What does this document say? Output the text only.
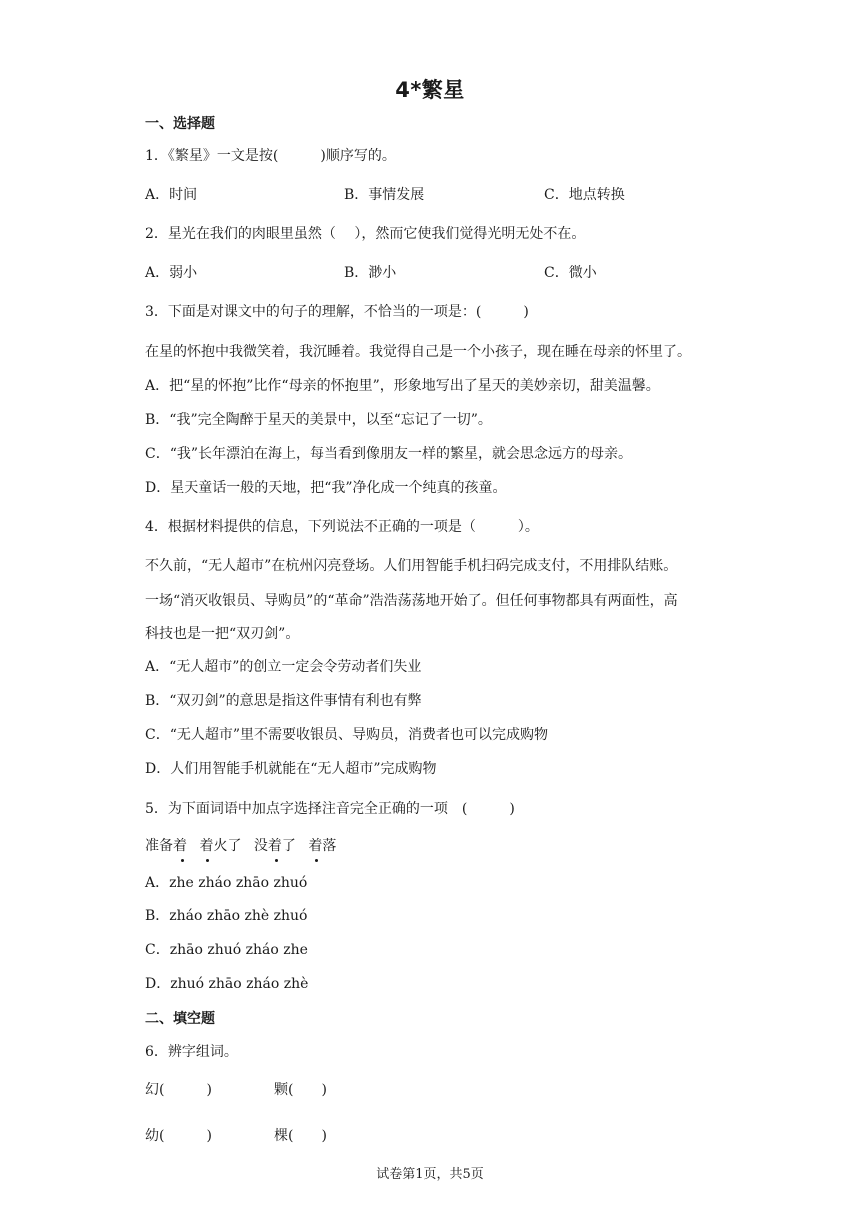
4*繁星
一、选择题
1．《繁星》一文是按(　　　)顺序写的。
A．时间	B．事情发展	C．地点转换
2．星光在我们的肉眼里虽然（　 ），然而它使我们觉得光明无处不在。
A．弱小	B．渺小	C．微小
3．下面是对课文中的句子的理解，不恰当的一项是：(　　　)
在星的怀抱中我微笑着，我沉睡着。我觉得自己是一个小孩子，现在睡在母亲的怀里了。
A．把“星的怀抱”比作“母亲的怀抱里”，形象地写出了星天的美妙亲切，甜美温馨。
B．“我”完全陶醉于星天的美景中，以至“忘记了一切”。
C．“我”长年漂泊在海上，每当看到像朋友一样的繁星，就会思念远方的母亲。
D．星天童话一般的天地，把“我”净化成一个纯真的孩童。
4．根据材料提供的信息，下列说法不正确的一项是（　　　）。
不久前，“无人超市”在杭州闪亮登场。人们用智能手机扫码完成支付，不用排队结账。
一场“消灭收银员、导购员”的“革命”浩浩荡荡地开始了。但任何事物都具有两面性，高
科技也是一把“双刃剑”。
A．“无人超市”的创立一定会令劳动者们失业
B．“双刃剑”的意思是指这件事情有利也有弊
C．“无人超市”里不需要收银员、导购员，消费者也可以完成购物
D．人们用智能手机就能在“无人超市”完成购物
5．为下面词语中加点字选择注音完全正确的一项　(　　　)
准备着 着火了 没着了 着落
A．zhe zháo zhāo zhuó
B．zháo zhāo zhè zhuó
C．zhāo zhuó zháo zhe
D．zhuó zhāo zháo zhè
二、填空题
6．辨字组词。
幻(　　　)	颗(　　)
幼(　　　)	棵(　　)
试卷第1页，共5页
